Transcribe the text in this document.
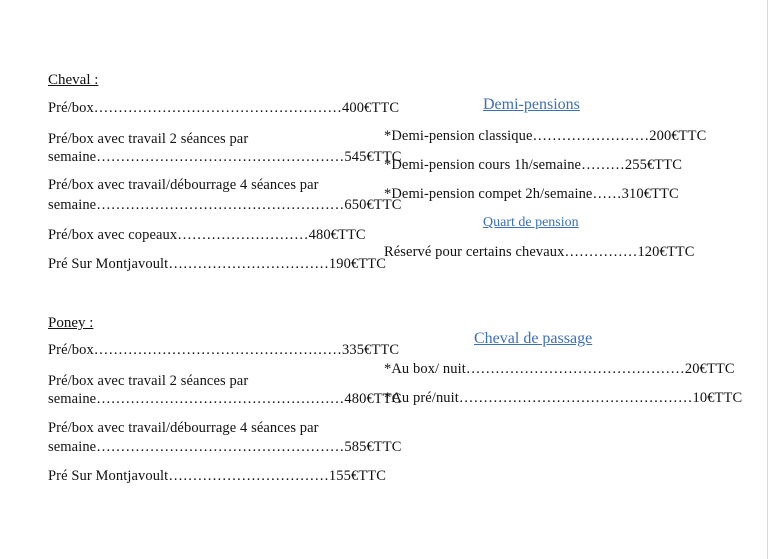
Cheval :
Pré/box……………………………………………400€TTC
Pré/box avec travail 2 séances par
semaine……………………………………………545€TTC
Pré/box avec travail/débourrage 4 séances par
semaine……………………………………………650€TTC
Pré/box avec copeaux………………………480€TTC
Pré Sur Montjavoult……………………………190€TTC
Poney :
Pré/box……………………………………………335€TTC
Pré/box avec travail 2 séances par
semaine……………………………………………480€TTC
Pré/box avec travail/débourrage 4 séances par
semaine……………………………………………585€TTC
Pré Sur Montjavoult……………………………155€TTC
Demi-pensions
*Demi-pension classique……………………200€TTC
*Demi-pension cours 1h/semaine………255€TTC
*Demi-pension compet 2h/semaine……310€TTC
Quart de pension
Réservé pour certains chevaux……………120€TTC
Cheval de passage
*Au box/ nuit………………………………………20€TTC
*Au pré/nuit…………………………………………10€TTC
